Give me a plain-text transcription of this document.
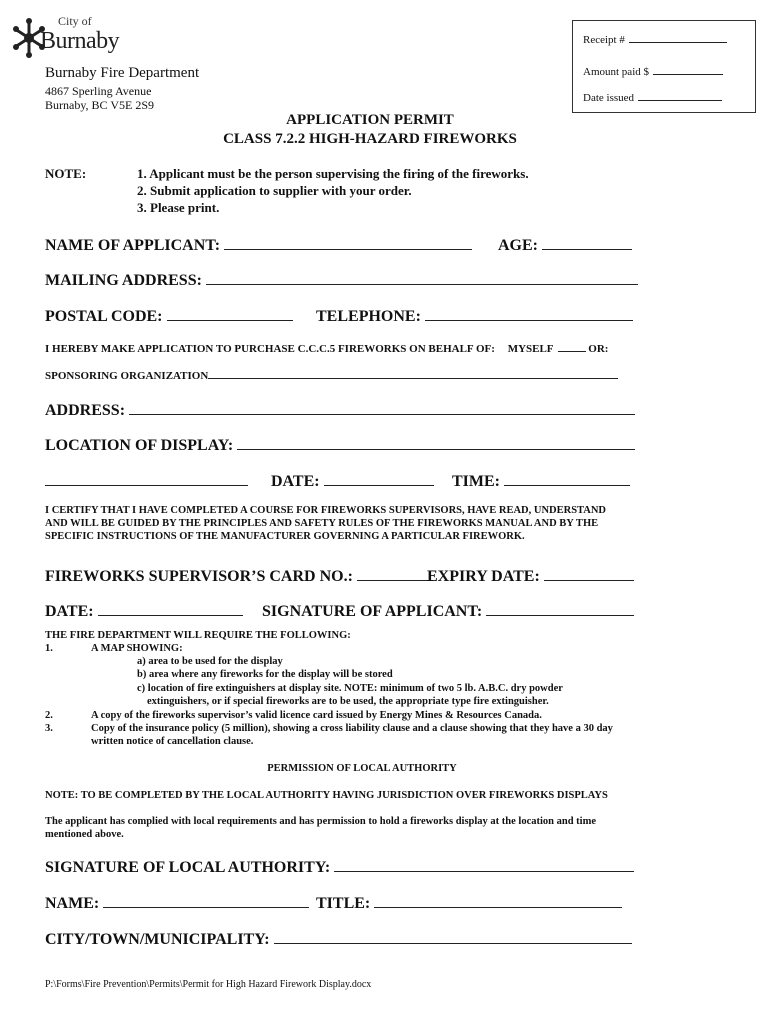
City of
Burnaby
Burnaby Fire Department
4867 Sperling Avenue
Burnaby, BC V5E 2S9
Receipt #
Amount paid $
Date issued
APPLICATION PERMIT
CLASS 7.2.2 HIGH-HAZARD FIREWORKS
NOTE:	1. Applicant must be the person supervising the firing of the fireworks.
2. Submit application to supplier with your order.
3. Please print.
NAME OF APPLICANT:	AGE:
MAILING ADDRESS:
POSTAL CODE:	TELEPHONE:
I HEREBY MAKE APPLICATION TO PURCHASE C.C.C.5 FIREWORKS ON BEHALF OF: MYSELF	OR:
SPONSORING ORGANIZATION
ADDRESS:
LOCATION OF DISPLAY:
DATE:	TIME:
I CERTIFY THAT I HAVE COMPLETED A COURSE FOR FIREWORKS SUPERVISORS, HAVE READ, UNDERSTAND
AND WILL BE GUIDED BY THE PRINCIPLES AND SAFETY RULES OF THE FIREWORKS MANUAL AND BY THE
SPECIFIC INSTRUCTIONS OF THE MANUFACTURER GOVERNING A PARTICULAR FIREWORK.
FIREWORKS SUPERVISOR’S CARD NO.:	EXPIRY DATE:
DATE:	SIGNATURE OF APPLICANT:
THE FIRE DEPARTMENT WILL REQUIRE THE FOLLOWING:
1.	A MAP SHOWING:
a) area to be used for the display
b) area where any fireworks for the display will be stored
c) location of fire extinguishers at display site. NOTE: minimum of two 5 lb. A.B.C. dry powder
extinguishers, or if special fireworks are to be used, the appropriate type fire extinguisher.
2.	A copy of the fireworks supervisor’s valid licence card issued by Energy Mines & Resources Canada.
3.	Copy of the insurance policy (5 million), showing a cross liability clause and a clause showing that they have a 30 day
written notice of cancellation clause.
PERMISSION OF LOCAL AUTHORITY
NOTE: TO BE COMPLETED BY THE LOCAL AUTHORITY HAVING JURISDICTION OVER FIREWORKS DISPLAYS
The applicant has complied with local requirements and has permission to hold a fireworks display at the location and time
mentioned above.
SIGNATURE OF LOCAL AUTHORITY:
NAME:	TITLE:
CITY/TOWN/MUNICIPALITY:
P:\Forms\Fire Prevention\Permits\Permit for High Hazard Firework Display.docx
